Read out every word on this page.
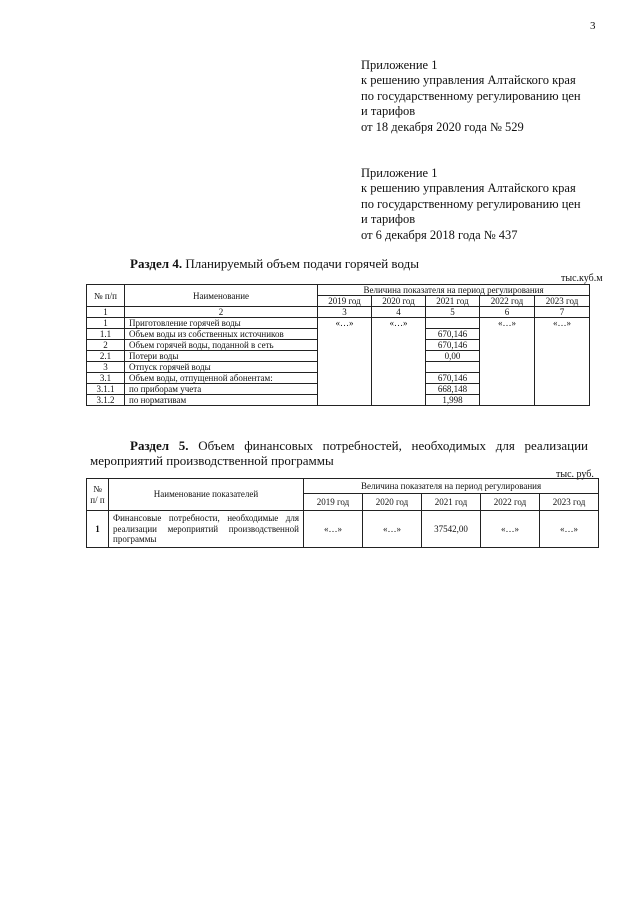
3
Приложение 1
к решению управления Алтайского края
по государственному регулированию цен
и тарифов
от 18 декабря 2020 года № 529
Приложение 1
к решению управления Алтайского края
по государственному регулированию цен
и тарифов
от 6 декабря 2018 года № 437
Раздел 4. Планируемый объем подачи горячей воды
тыс.куб.м
№ п/п	Наименование	Величина показателя на период регулирования				
		2019 год	2020 год	2021 год	2022 год	2023 год
1	2	3	4	5	6	7
1	Приготовление горячей воды	«…»	«…»		«…»	«…»
1.1	Объем воды из собственных источников			670,146		
2	Объем горячей воды, поданной в сеть			670,146		
2.1	Потери воды			0,00		
3	Отпуск горячей воды					
3.1	Объем воды, отпущенной абонентам:			670,146		
3.1.1	по приборам учета			668,148		
3.1.2	по нормативам			1,998		
Раздел 5. Объем финансовых потребностей, необходимых для реализации
мероприятий производственной программы
тыс. руб.
№ п/ п	Наименование показателей	Величина показателя на период регулирования				
		2019 год	2020 год	2021 год	2022 год	2023 год
1	Финансовые потребности, необходимые для реализации мероприятий производственной программы	«…»	«…»	37542,00	«…»	«…»
